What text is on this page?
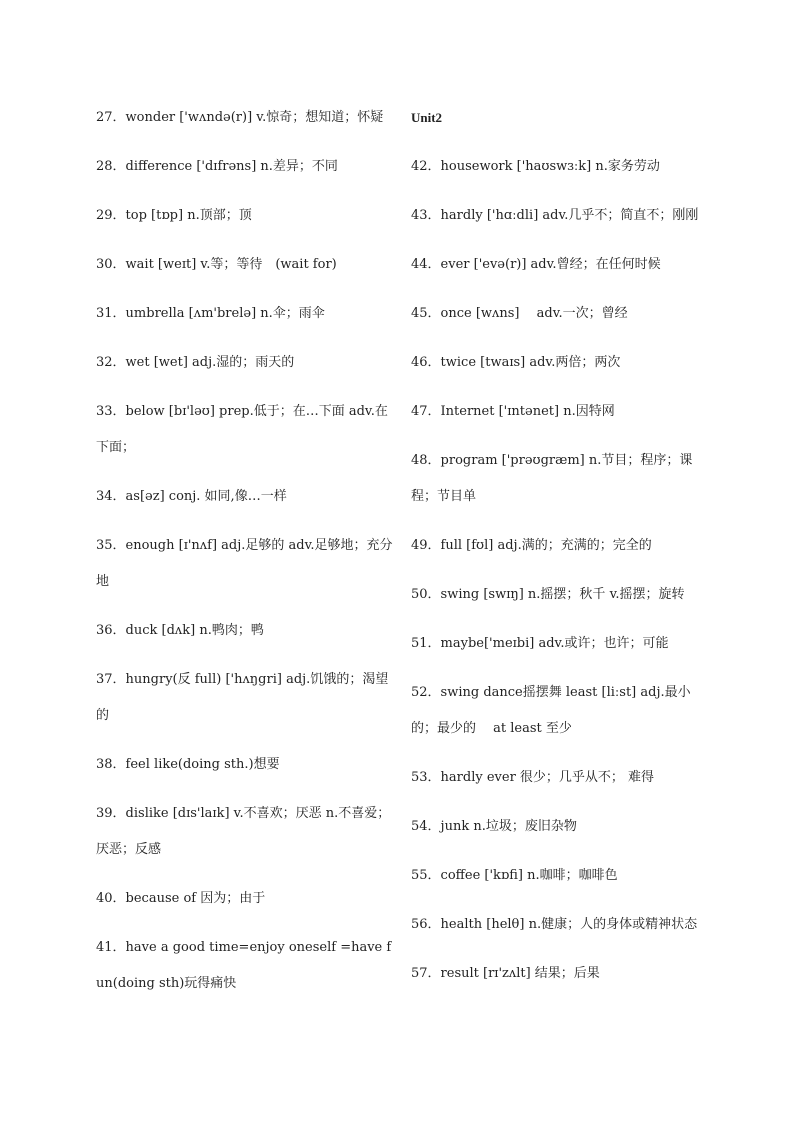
27．wonder ['wʌndə(r)] v.惊奇；想知道；怀疑
28．difference ['dɪfrəns] n.差异；不同
29．top [tɒp] n.顶部；顶
30．wait [weɪt] v.等；等待　(wait for)
31．umbrella [ʌm'brelə] n.伞；雨伞
32．wet [wet] adj.湿的；雨天的
33．below [bɪ'ləʊ] prep.低于；在…下面 adv.在下面；
34．as[əz] conj. 如同,像…一样
35．enough [ɪ'nʌf] adj.足够的 adv.足够地；充分地
36．duck [dʌk] n.鸭肉；鸭
37．hungry(反 full) ['hʌŋgri] adj.饥饿的；渴望的
38．feel like(doing sth.)想要
39．dislike [dɪs'laɪk] v.不喜欢；厌恶 n.不喜爱；厌恶；反感
40．because of 因为；由于
41．have a good time=enjoy oneself =have fun(doing sth)玩得痛快
Unit2
42．housework ['haʊswɜːk] n.家务劳动
43．hardly ['hɑːdli] adv.几乎不；简直不；刚刚
44．ever ['evə(r)] adv.曾经；在任何时候
45．once [wʌns]　 adv.一次；曾经
46．twice [twaɪs] adv.两倍；两次
47．Internet ['ɪntənet] n.因特网
48．program ['prəʊgræm] n.节目；程序；课程；节目单
49．full [fʊl] adj.满的；充满的；完全的
50．swing [swɪŋ] n.摇摆；秋千 v.摇摆；旋转
51．maybe['meɪbi] adv.或许；也许；可能
52．swing dance摇摆舞 least [liːst] adj.最小的；最少的　 at least 至少
53．hardly ever 很少；几乎从不； 难得
54．junk n.垃圾；废旧杂物
55．coffee ['kɒfi] n.咖啡；咖啡色
56．health [helθ] n.健康；人的身体或精神状态
57．result [rɪ'zʌlt] 结果；后果
